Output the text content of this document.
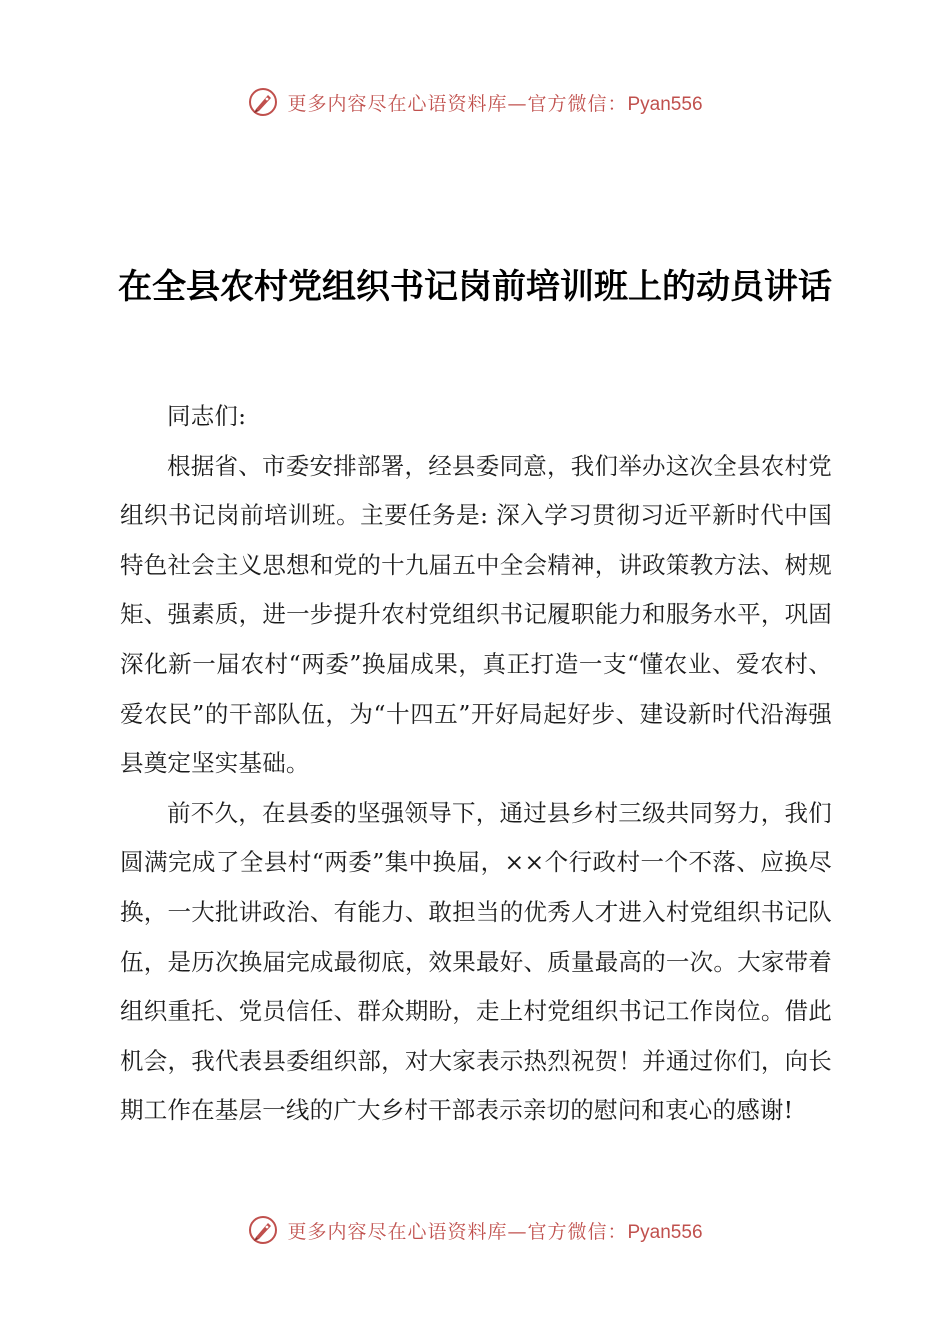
更多内容尽在心语资料库—官方微信：Pyan556
在全县农村党组织书记岗前培训班上的动员讲话

同志们:

根据省、市委安排部署，经县委同意，我们举办这次全县农村党组织书记岗前培训班。主要任务是: 深入学习贯彻习近平新时代中国特色社会主义思想和党的十九届五中全会精神，讲政策教方法、树规矩、强素质，进一步提升农村党组织书记履职能力和服务水平，巩固深化新一届农村“两委”换届成果，真正打造一支“懂农业、爱农村、爱农民”的干部队伍，为“十四五”开好局起好步、建设新时代沿海强县奠定坚实基础。

前不久，在县委的坚强领导下，通过县乡村三级共同努力，我们圆满完成了全县村“两委”集中换届，××个行政村一个不落、应换尽换，一大批讲政治、有能力、敢担当的优秀人才进入村党组织书记队伍，是历次换届完成最彻底，效果最好、质量最高的一次。大家带着组织重托、党员信任、群众期盼，走上村党组织书记工作岗位。借此机会，我代表县委组织部，对大家表示热烈祝贺！并通过你们，向长期工作在基层一线的广大乡村干部表示亲切的慰问和衷心的感谢!

更多内容尽在心语资料库—官方微信：Pyan556
